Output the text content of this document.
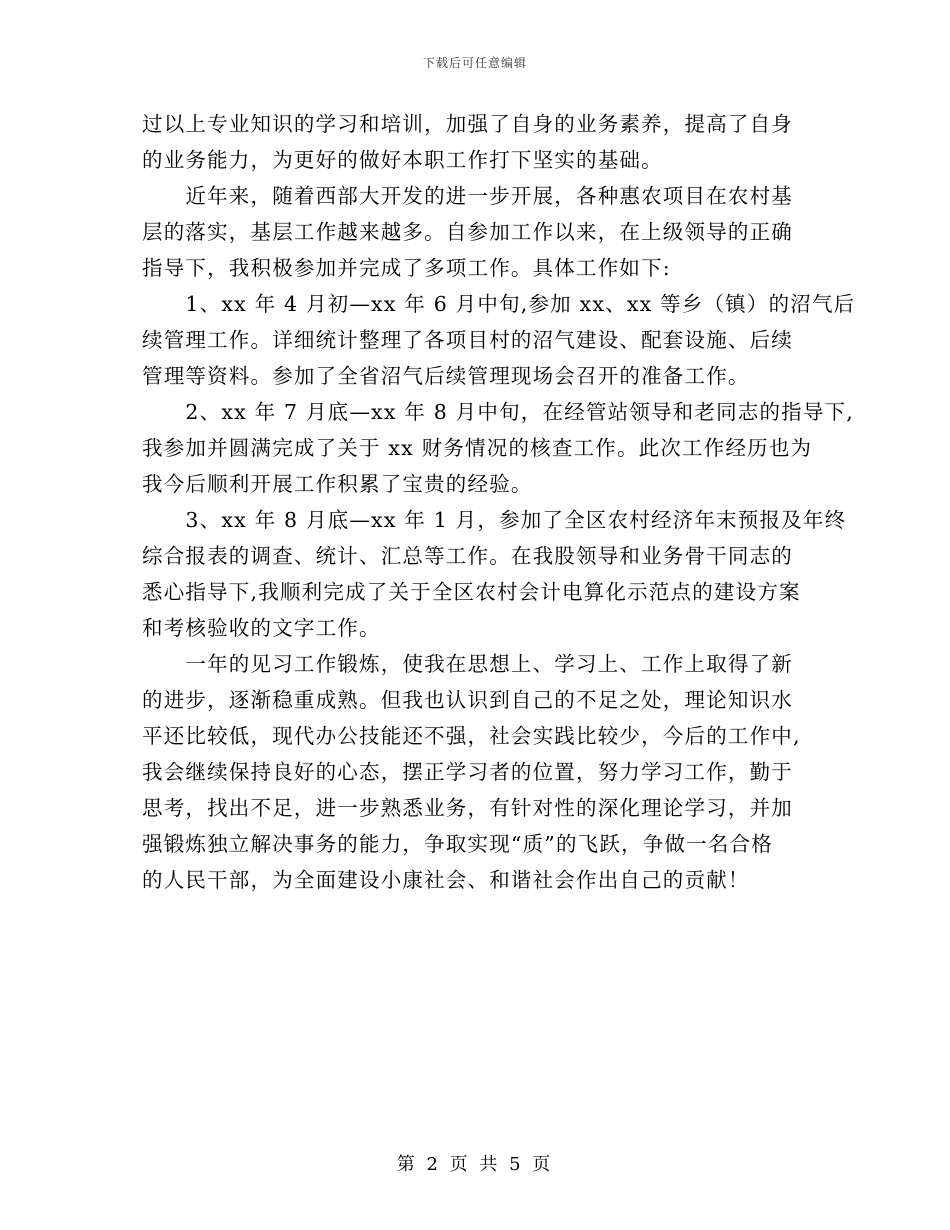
下载后可任意编辑
过以上专业知识的学习和培训，加强了自身的业务素养，提高了自身
的业务能力，为更好的做好本职工作打下坚实的基础。
　　近年来，随着西部大开发的进一步开展，各种惠农项目在农村基
层的落实，基层工作越来越多。自参加工作以来，在上级领导的正确
指导下，我积极参加并完成了多项工作。具体工作如下:
　　1、xx 年 4 月初—xx 年 6 月中旬,参加 xx、xx 等乡（镇）的沼气后
续管理工作。详细统计整理了各项目村的沼气建设、配套设施、后续
管理等资料。参加了全省沼气后续管理现场会召开的准备工作。
　　2、xx 年 7 月底—xx 年 8 月中旬，在经管站领导和老同志的指导下,
我参加并圆满完成了关于 xx 财务情况的核查工作。此次工作经历也为
我今后顺利开展工作积累了宝贵的经验。
　　3、xx 年 8 月底—xx 年 1 月，参加了全区农村经济年末预报及年终
综合报表的调查、统计、汇总等工作。在我股领导和业务骨干同志的
悉心指导下,我顺利完成了关于全区农村会计电算化示范点的建设方案
和考核验收的文字工作。
　　一年的见习工作锻炼，使我在思想上、学习上、工作上取得了新
的进步，逐渐稳重成熟。但我也认识到自己的不足之处，理论知识水
平还比较低，现代办公技能还不强，社会实践比较少，今后的工作中,
我会继续保持良好的心态，摆正学习者的位置，努力学习工作，勤于
思考，找出不足，进一步熟悉业务，有针对性的深化理论学习，并加
强锻炼独立解决事务的能力，争取实现“质”的飞跃，争做一名合格
的人民干部，为全面建设小康社会、和谐社会作出自己的贡献！
第 2 页 共 5 页
